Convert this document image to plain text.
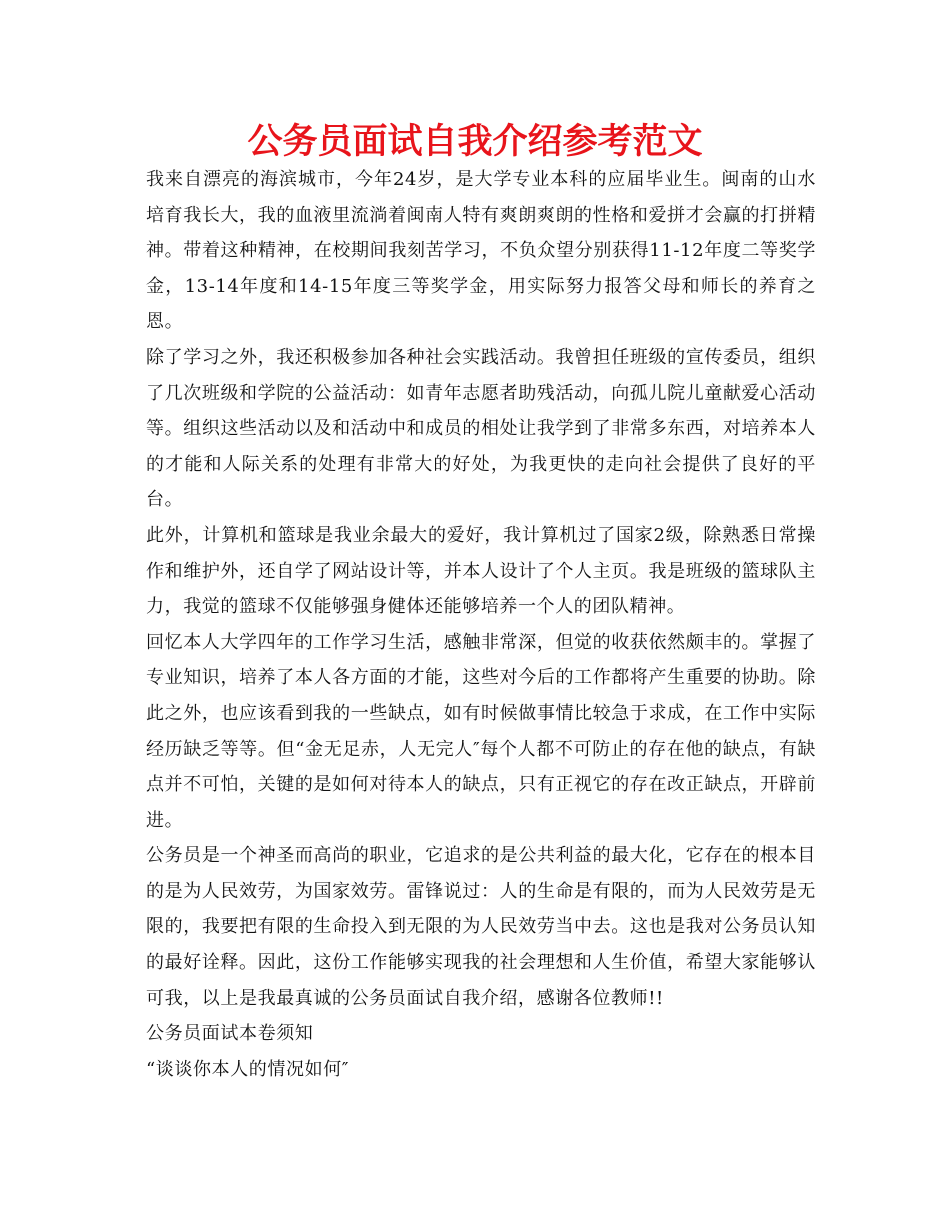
公务员面试自我介绍参考范文

我来自漂亮的海滨城市，今年24岁，是大学专业本科的应届毕业生。闽南的山水培育我长大，我的血液里流淌着闽南人特有爽朗爽朗的性格和爱拼才会赢的打拼精神。带着这种精神，在校期间我刻苦学习，不负众望分别获得11-12年度二等奖学金，13-14年度和14-15年度三等奖学金，用实际努力报答父母和师长的养育之恩。

除了学习之外，我还积极参加各种社会实践活动。我曾担任班级的宣传委员，组织了几次班级和学院的公益活动：如青年志愿者助残活动，向孤儿院儿童献爱心活动等。组织这些活动以及和活动中和成员的相处让我学到了非常多东西，对培养本人的才能和人际关系的处理有非常大的好处，为我更快的走向社会提供了良好的平台。

此外，计算机和篮球是我业余最大的爱好，我计算机过了国家2级，除熟悉日常操作和维护外，还自学了网站设计等，并本人设计了个人主页。我是班级的篮球队主力，我觉的篮球不仅能够强身健体还能够培养一个人的团队精神。

回忆本人大学四年的工作学习生活，感触非常深，但觉的收获依然颇丰的。掌握了专业知识，培养了本人各方面的才能，这些对今后的工作都将产生重要的协助。除此之外，也应该看到我的一些缺点，如有时候做事情比较急于求成，在工作中实际经历缺乏等等。但“金无足赤，人无完人″每个人都不可防止的存在他的缺点，有缺点并不可怕，关键的是如何对待本人的缺点，只有正视它的存在改正缺点，开辟前进。

公务员是一个神圣而高尚的职业，它追求的是公共利益的最大化，它存在的根本目的是为人民效劳，为国家效劳。雷锋说过：人的生命是有限的，而为人民效劳是无限的，我要把有限的生命投入到无限的为人民效劳当中去。这也是我对公务员认知的最好诠释。因此，这份工作能够实现我的社会理想和人生价值，希望大家能够认可我，以上是我最真诚的公务员面试自我介绍，感谢各位教师!!

公务员面试本卷须知

“谈谈你本人的情况如何″
